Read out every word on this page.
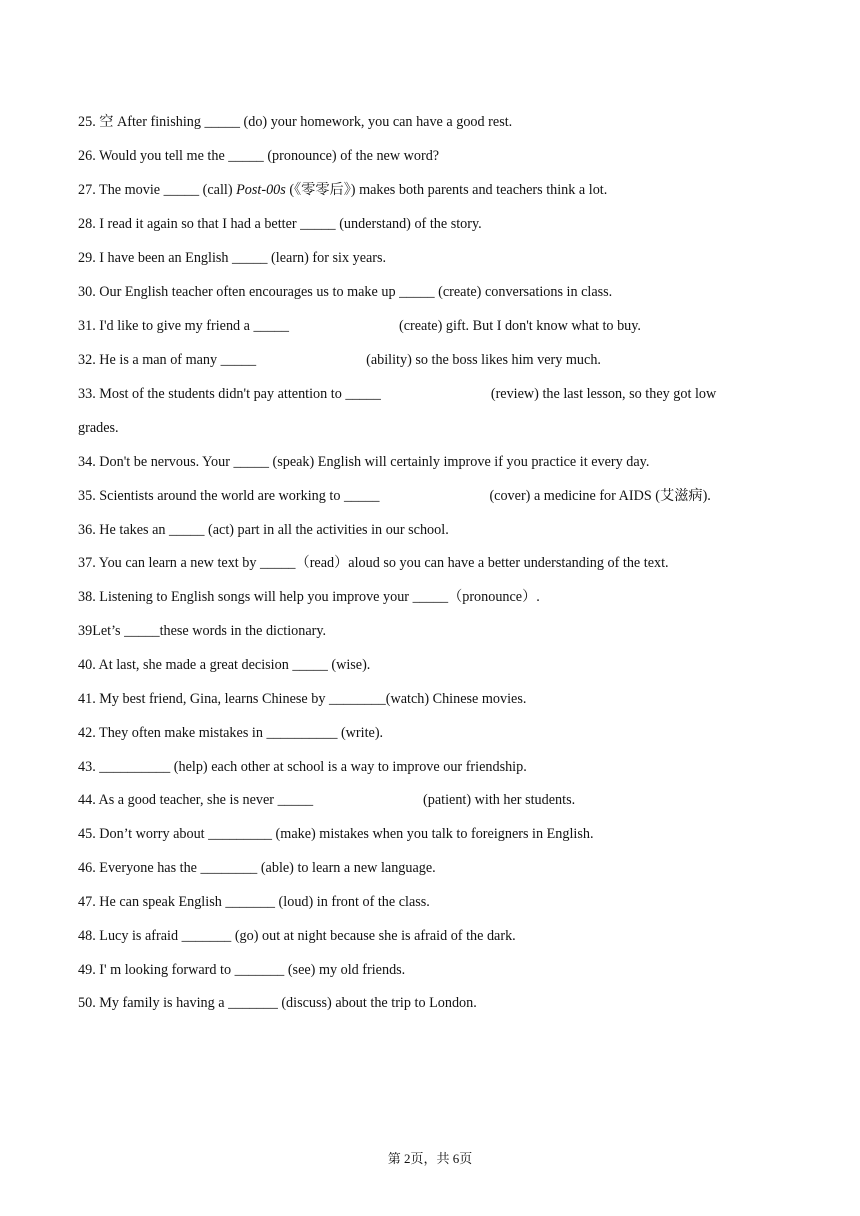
25. 空 After finishing _____ (do) your homework, you can have a good rest.
26. Would you tell me the _____ (pronounce) of the new word?
27. The movie _____ (call) Post-00s (《零零后》) makes both parents and teachers think a lot.
28. I read it again so that I had a better _____ (understand) of the story.
29. I have been an English _____ (learn) for six years.
30. Our English teacher often encourages us to make up _____ (create) conversations in class.
31. I'd like to give my friend a _____	(create) gift. But I don't know what to buy.
32. He is a man of many _____	(ability) so the boss likes him very much.
33. Most of the students didn't pay attention to _____	(review) the last lesson, so they got low
grades.
34. Don't be nervous. Your _____ (speak) English will certainly improve if you practice it every day.
35. Scientists around the world are working to _____	(cover) a medicine for AIDS (艾滋病).
36. He takes an _____ (act) part in all the activities in our school.
37. You can learn a new text by _____（read）aloud so you can have a better understanding of the text.
38. Listening to English songs will help you improve your _____（pronounce）.
39Let’s _____these words in the dictionary.
40. At last, she made a great decision _____ (wise).
41. My best friend, Gina, learns Chinese by ________(watch) Chinese movies.
42. They often make mistakes in __________ (write).
43. __________ (help) each other at school is a way to improve our friendship.
44. As a good teacher, she is never _____	(patient) with her students.
45. Don’t worry about _________ (make) mistakes when you talk to foreigners in English.
46. Everyone has the ________ (able) to learn a new language.
47. He can speak English _______ (loud) in front of the class.
48. Lucy is afraid _______ (go) out at night because she is afraid of the dark.
49. I' m looking forward to _______ (see) my old friends.
50. My family is having a _______ (discuss) about the trip to London.
第 2页，共 6页
